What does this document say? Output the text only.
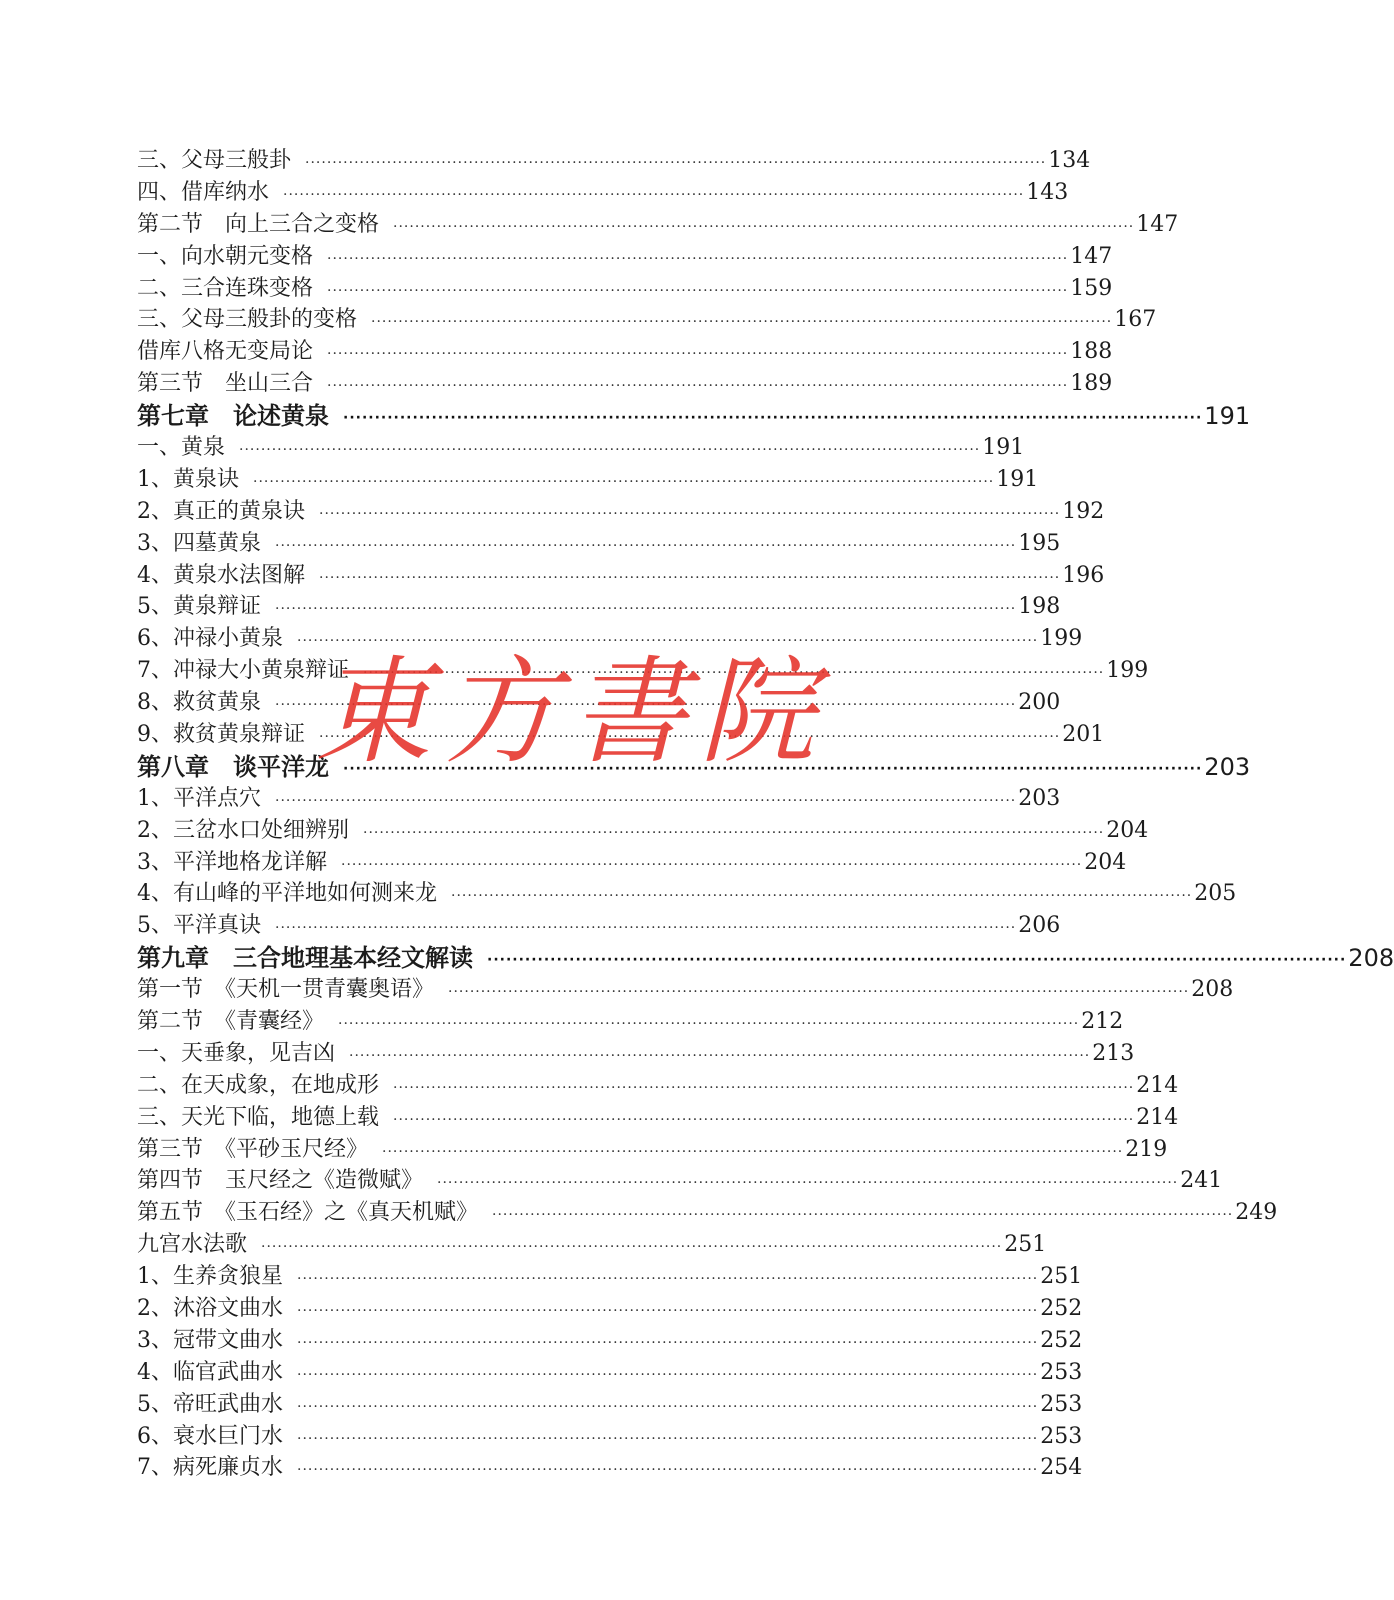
三、父母三般卦 ········································································································································ 134
四、借库纳水 ········································································································································ 143
第二节　向上三合之变格 ········································································································································ 147
一、向水朝元变格 ········································································································································ 147
二、三合连珠变格 ········································································································································ 159
三、父母三般卦的变格 ········································································································································ 167
借库八格无变局论 ········································································································································ 188
第三节　坐山三合 ········································································································································ 189
第七章　论述黄泉 ········································································································································ 191
一、黄泉 ········································································································································ 191
1、黄泉诀 ········································································································································ 191
2、真正的黄泉诀 ········································································································································ 192
3、四墓黄泉 ········································································································································ 195
4、黄泉水法图解 ········································································································································ 196
5、黄泉辩证 ········································································································································ 198
6、冲禄小黄泉 ········································································································································ 199
7、冲禄大小黄泉辩证 ········································································································································ 199
8、救贫黄泉 ········································································································································ 200
9、救贫黄泉辩证 ········································································································································ 201
第八章　谈平洋龙 ········································································································································ 203
1、平洋点穴 ········································································································································ 203
2、三岔水口处细辨别 ········································································································································ 204
3、平洋地格龙详解 ········································································································································ 204
4、有山峰的平洋地如何测来龙 ········································································································································ 205
5、平洋真诀 ········································································································································ 206
第九章　三合地理基本经文解读 ········································································································································ 208
第一节　《天机一贯青囊奥语》 ········································································································································ 208
第二节　《青囊经》 ········································································································································ 212
一、天垂象，见吉凶 ········································································································································ 213
二、在天成象，在地成形 ········································································································································ 214
三、天光下临，地德上载 ········································································································································ 214
第三节　《平砂玉尺经》 ········································································································································ 219
第四节　玉尺经之《造微赋》 ········································································································································ 241
第五节　《玉石经》之《真天机赋》 ········································································································································ 249
九宫水法歌 ········································································································································ 251
1、生养贪狼星 ········································································································································ 251
2、沐浴文曲水 ········································································································································ 252
3、冠带文曲水 ········································································································································ 252
4、临官武曲水 ········································································································································ 253
5、帝旺武曲水 ········································································································································ 253
6、衰水巨门水 ········································································································································ 253
7、病死廉贞水 ········································································································································ 254
東 方 書 院
